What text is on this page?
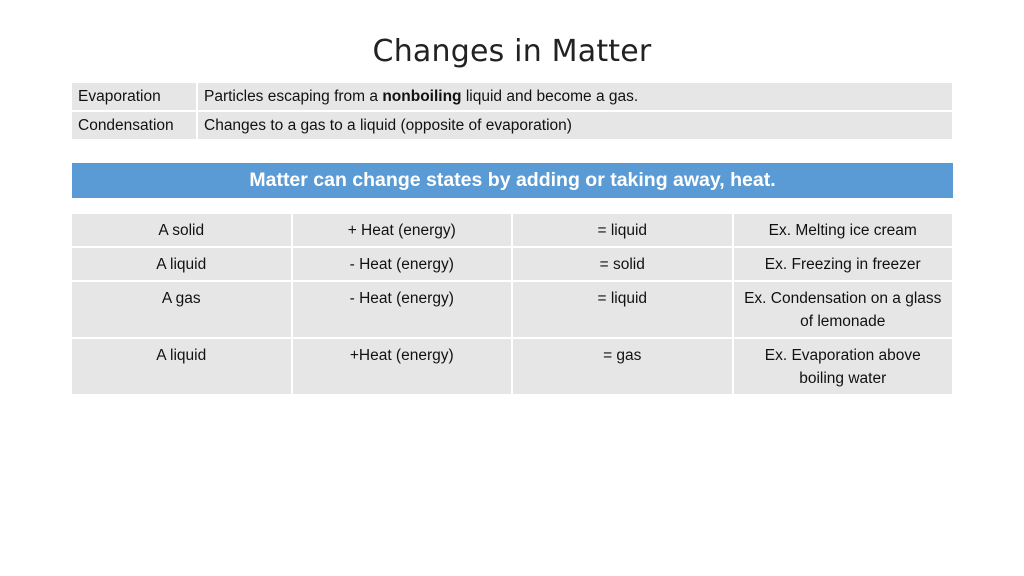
Changes in Matter
Evaporation	Particles escaping from a nonboiling liquid and become a gas.
Condensation	Changes to a gas to a liquid (opposite of evaporation)
Matter can change states by adding or taking away, heat.
A solid	+ Heat (energy)	= liquid	Ex. Melting ice cream
A liquid	- Heat (energy)	= solid	Ex. Freezing in freezer
A gas	- Heat (energy)	= liquid	Ex. Condensation on a glass of lemonade
A liquid	+Heat (energy)	= gas	Ex. Evaporation above boiling water
